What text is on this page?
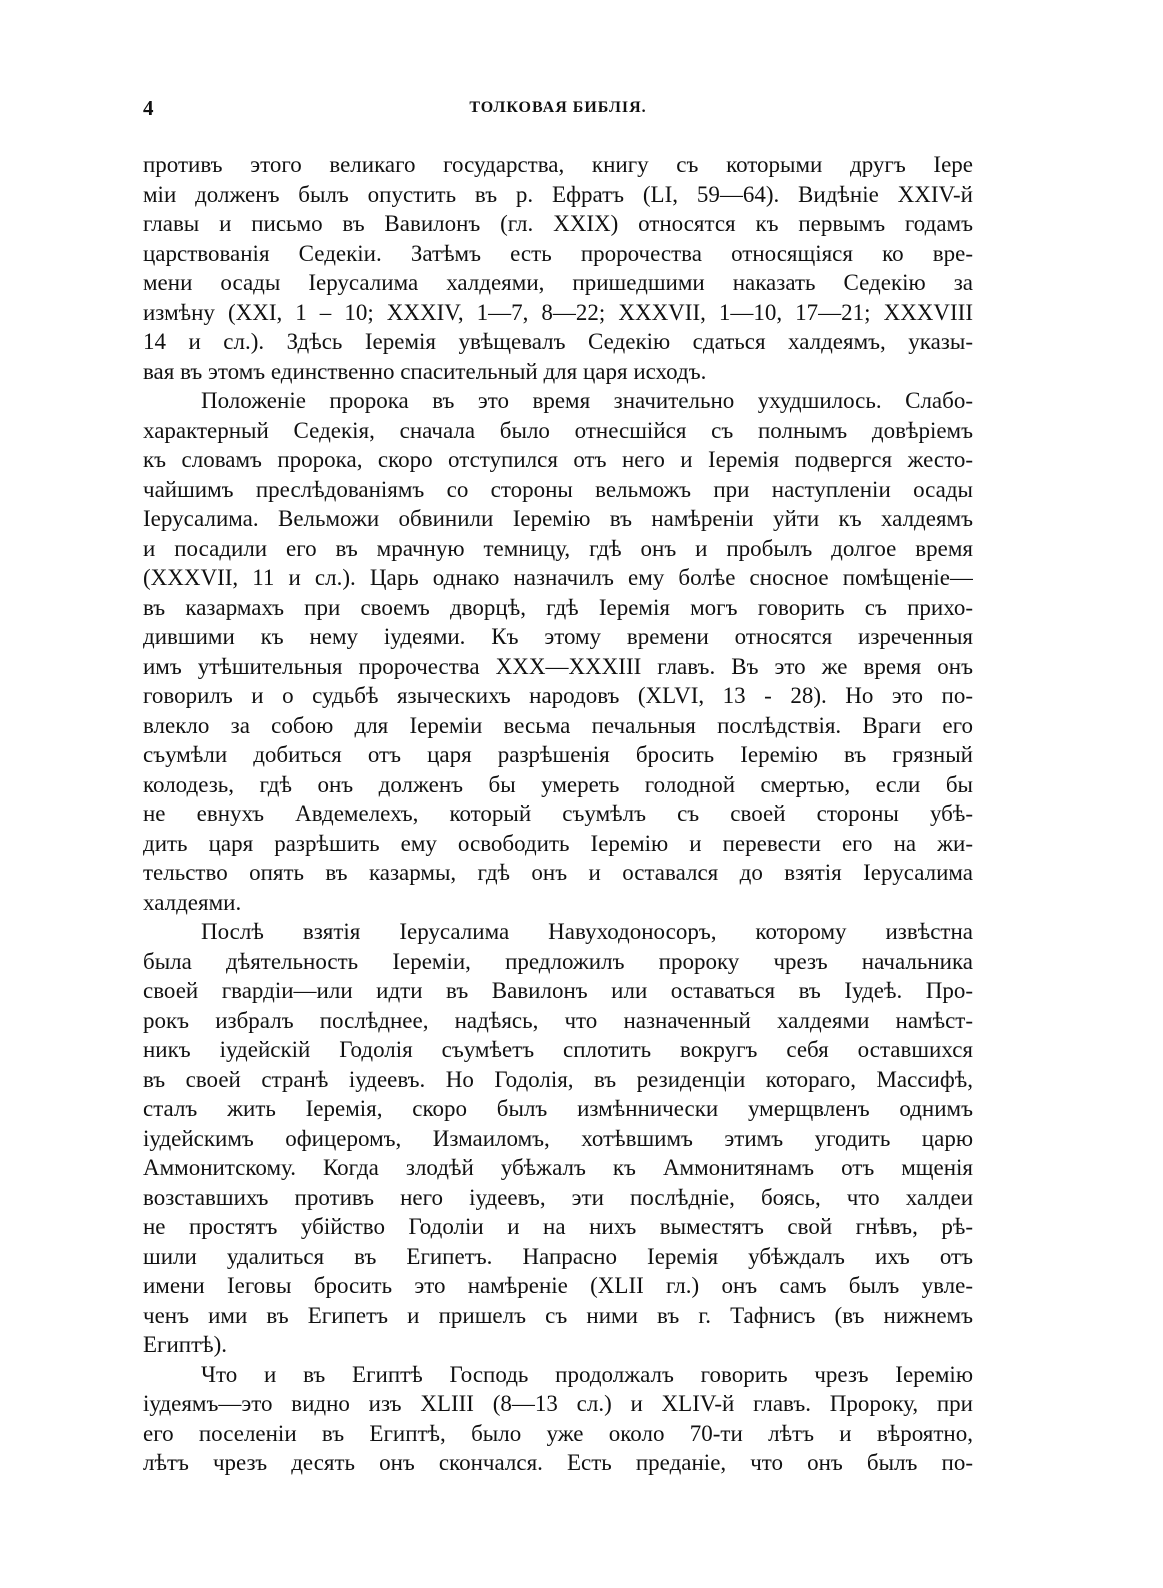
4	ТОЛКОВАЯ БИБЛІЯ.
противъ этого великаго государства, книгу съ которыми другъ Iере
міи долженъ былъ опустить въ р. Ефратъ (LI, 59—64). Видѣніе XXIV-й
главы и письмо въ Вавилонъ (гл. XXIX) относятся къ первымъ годамъ
царствованія Седекіи. Затѣмъ есть пророчества относящіяся ко вре-
мени осады Iерусалима халдеями, пришедшими наказать Седекію за
измѣну (XXI, 1 – 10; XXXIV, 1—7, 8—22; XXXVII, 1—10, 17—21; XXXVIII
14 и сл.). Здѣсь Iеремія увѣщевалъ Седекію сдаться халдеямъ, указы-
вая въ этомъ единственно спасительный для царя исходъ.
Положеніе пророка въ это время значительно ухудшилось. Слабо-
характерный Седекія, сначала было отнесшійся съ полнымъ довѣріемъ
къ словамъ пророка, скоро отступился отъ него и Iеремія подвергся жесто-
чайшимъ преслѣдованіямъ со стороны вельможъ при наступленіи осады
Iерусалима. Вельможи обвинили Iеремію въ намѣреніи уйти къ халдеямъ
и посадили его въ мрачную темницу, гдѣ онъ и пробылъ долгое время
(XXXVII, 11 и сл.). Царь однако назначилъ ему болѣе сносное помѣщеніе—
въ казармахъ при своемъ дворцѣ, гдѣ Iеремія могъ говорить съ прихо-
дившими къ нему іудеями. Къ этому времени относятся изреченныя
имъ утѣшительныя пророчества XXX—XXXIII главъ. Въ это же время онъ
говорилъ и о судьбѣ языческихъ народовъ (XLVI, 13 - 28). Но это по-
влекло за собою для Iереміи весьма печальныя послѣдствія. Враги его
съумѣли добиться отъ царя разрѣшенія бросить Iеремію въ грязный
колодезь, гдѣ онъ долженъ бы умереть голодной смертью, если бы
не евнухъ Авдемелехъ, который съумѣлъ съ своей стороны убѣ-
дить царя разрѣшить ему освободить Iеремію и перевести его на жи-
тельство опять въ казармы, гдѣ онъ и оставался до взятія Iерусалима
халдеями.
Послѣ взятія Iерусалима Навуходоносоръ, которому извѣстна
была дѣятельность Iереміи, предложилъ пророку чрезъ начальника
своей гвардіи—или идти въ Вавилонъ или оставаться въ Iудеѣ. Про-
рокъ избралъ послѣднее, надѣясь, что назначенный халдеями намѣст-
никъ іудейскій Годолія съумѣетъ сплотить вокругъ себя оставшихся
въ своей странѣ іудеевъ. Но Годолія, въ резиденціи котораго, Массифѣ,
сталъ жить Iеремія, скоро былъ измѣннически умерщвленъ однимъ
іудейскимъ офицеромъ, Измаиломъ, хотѣвшимъ этимъ угодить царю
Аммонитскому. Когда злодѣй убѣжалъ къ Аммонитянамъ отъ мщенія
возставшихъ противъ него іудеевъ, эти послѣдніе, боясь, что халдеи
не простятъ убійство Годоліи и на нихъ выместятъ свой гнѣвъ, рѣ-
шили удалиться въ Египетъ. Напрасно Iеремія убѣждалъ ихъ отъ
имени Iеговы бросить это намѣреніе (XLII гл.) онъ самъ былъ увле-
ченъ ими въ Египетъ и пришелъ съ ними въ г. Тафнисъ (въ нижнемъ
Египтѣ).
Что и въ Египтѣ Господь продолжалъ говорить чрезъ Iеремію
іудеямъ—это видно изъ XLIII (8—13 сл.) и XLIV-й главъ. Пророку, при
его поселеніи въ Египтѣ, было уже около 70-ти лѣтъ и вѣроятно,
лѣтъ чрезъ десять онъ скончался. Есть преданіе, что онъ былъ по-
